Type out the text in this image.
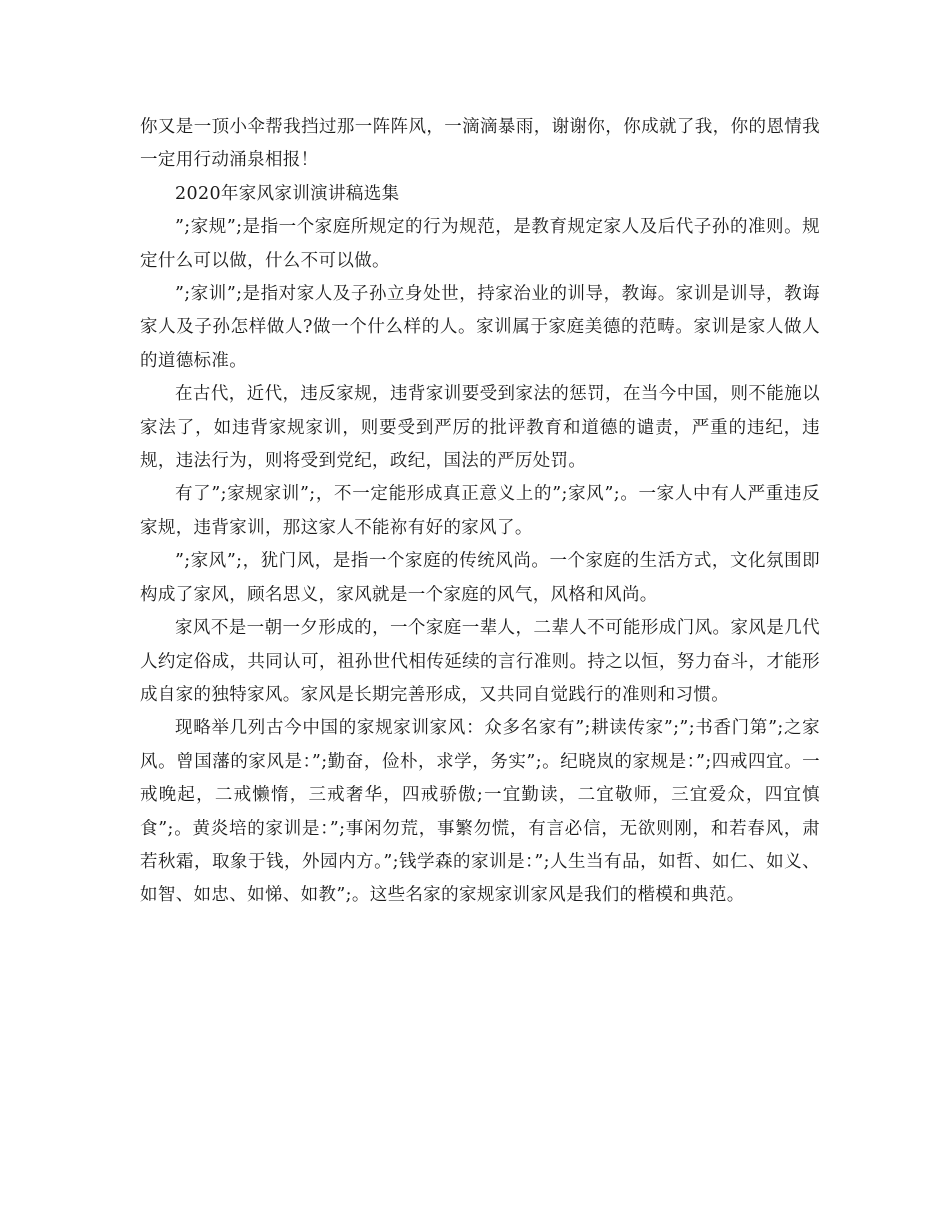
你又是一顶小伞帮我挡过那一阵阵风，一滴滴暴雨，谢谢你，你成就了我，你的恩情我一定用行动涌泉相报！

2020年家风家训演讲稿选集

”;家规”;是指一个家庭所规定的行为规范，是教育规定家人及后代子孙的准则。规定什么可以做，什么不可以做。

”;家训”;是指对家人及子孙立身处世，持家治业的训导，教诲。家训是训导，教诲家人及子孙怎样做人?做一个什么样的人。家训属于家庭美德的范畴。家训是家人做人的道德标准。

在古代，近代，违反家规，违背家训要受到家法的惩罚，在当今中国，则不能施以家法了，如违背家规家训，则要受到严厉的批评教育和道德的谴责，严重的违纪，违规，违法行为，则将受到党纪，政纪，国法的严厉处罚。

有了”;家规家训”;，不一定能形成真正意义上的”;家风”;。一家人中有人严重违反家规，违背家训，那这家人不能祢有好的家风了。

”;家风”;，犹门风，是指一个家庭的传统风尚。一个家庭的生活方式，文化氛围即构成了家风，顾名思义，家风就是一个家庭的风气，风格和风尚。

家风不是一朝一夕形成的，一个家庭一辈人，二辈人不可能形成门风。家风是几代人约定俗成，共同认可，祖孙世代相传延续的言行准则。持之以恒，努力奋斗，才能形成自家的独特家风。家风是长期完善形成，又共同自觉践行的准则和习惯。

现略举几列古今中国的家规家训家风：众多名家有”;耕读传家”;”;书香门第”;之家风。曾国藩的家风是：”;勤奋，俭朴，求学，务实”;。纪晓岚的家规是：”;四戒四宜。一戒晚起，二戒懒惰，三戒奢华，四戒骄傲;一宜勤读，二宜敬师，三宜爱众，四宜慎食”;。黄炎培的家训是：”;事闲勿荒，事繁勿慌，有言必信，无欲则刚，和若春风，肃若秋霜，取象于钱，外园内方。”;钱学森的家训是：”;人生当有品，如哲、如仁、如义、如智、如忠、如悌、如教”;。这些名家的家规家训家风是我们的楷模和典范。
